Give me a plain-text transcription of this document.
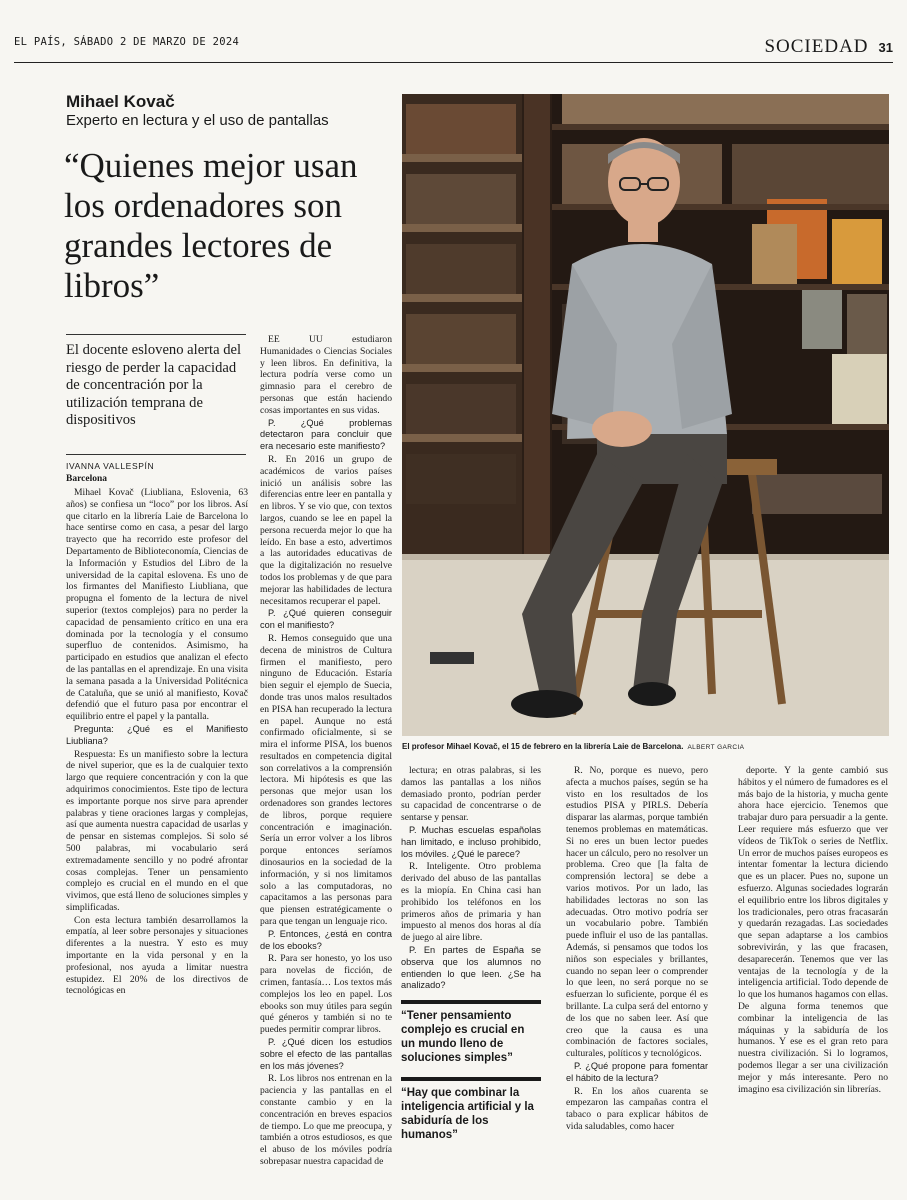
EL PAÍS, SÁBADO 2 DE MARZO DE 2024	SOCIEDAD 31
Mihael Kovač
Experto en lectura y el uso de pantallas
“Quienes mejor usan los ordenadores son grandes lectores de libros”
El docente esloveno alerta del riesgo de perder la capacidad de concentración por la utilización temprana de dispositivos
IVANNA VALLESPÍN
Barcelona

Mihael Kovač (Liubliana, Eslovenia, 63 años) se confiesa un “loco” por los libros. Así que citarlo en la librería Laie de Barcelona lo hace sentirse como en casa, a pesar del largo trayecto que ha recorrido este profesor del Departamento de Biblioteconomía, Ciencias de la Información y Estudios del Libro de la universidad de la capital eslovena. Es uno de los firmantes del Manifiesto Liubliana, que propugna el fomento de la lectura de nivel superior (textos complejos) para no perder la capacidad de pensamiento crítico en una era dominada por la tecnología y el consumo superfluo de contenidos. Asimismo, ha participado en estudios que analizan el efecto de las pantallas en el aprendizaje. En una visita la semana pasada a la Universidad Politécnica de Cataluña, que se unió al manifiesto, Kovač defendió que el futuro pasa por encontrar el equilibrio entre el papel y la pantalla.

Pregunta: ¿Qué es el Manifiesto Liubliana?

Respuesta: Es un manifiesto sobre la lectura de nivel superior, que es la de cualquier texto largo que requiere concentración y con la que adquirimos conocimientos. Este tipo de lectura es importante porque nos sirve para aprender palabras y tiene oraciones largas y complejas, así que aumenta nuestra capacidad de usarlas y de pensar en sistemas complejos. Si solo sé 500 palabras, mi vocabulario será extremadamente sencillo y no podré afrontar cosas complejas. Tener un pensamiento complejo es crucial en el mundo en el que vivimos, que está lleno de soluciones simples y simplificadas.

Con esta lectura también desarrollamos la empatía, al leer sobre personajes y situaciones diferentes a la nuestra. Y esto es muy importante en la vida personal y en la profesional, nos ayuda a limitar nuestra estupidez. El 20% de los directivos de tecnológicas en

EE UU estudiaron Humanidades o Ciencias Sociales y leen libros. En definitiva, la lectura podría verse como un gimnasio para el cerebro de personas que están haciendo cosas importantes en sus vidas.

P. ¿Qué problemas detectaron para concluir que era necesario este manifiesto?

R. En 2016 un grupo de académicos de varios países inició un análisis sobre las diferencias entre leer en pantalla y en libros. Y se vio que, con textos largos, cuando se lee en papel la persona recuerda mejor lo que ha leído. En base a esto, advertimos a las autoridades educativas de que la digitalización no resuelve todos los problemas y de que para mejorar las habilidades de lectura necesitamos recuperar el papel.

P. ¿Qué quieren conseguir con el manifiesto?

R. Hemos conseguido que una decena de ministros de Cultura firmen el manifiesto, pero ninguno de Educación. Estaría bien seguir el ejemplo de Suecia, donde tras unos malos resultados en PISA han recuperado la lectura en papel. Aunque no está confirmado oficialmente, si se mira el informe PISA, los buenos resultados en competencia digital son correlativos a la comprensión lectora. Mi hipótesis es que las personas que mejor usan los ordenadores son grandes lectores de libros, porque requiere concentración e imaginación. Sería un error volver a los libros porque entonces seríamos dinosaurios en la sociedad de la información, y si nos limitamos solo a las computadoras, no capacitamos a las personas para que piensen estratégicamente o para que tengan un lenguaje rico.

P. Entonces, ¿está en contra de los ebooks?

R. Para ser honesto, yo los uso para novelas de ficción, de crimen, fantasía… Los textos más complejos los leo en papel. Los ebooks son muy útiles para según qué géneros y también si no te puedes permitir comprar libros.

P. ¿Qué dicen los estudios sobre el efecto de las pantallas en los más jóvenes?

R. Los libros nos entrenan en la paciencia y las pantallas en el constante cambio y en la concentración en breves espacios de tiempo. Lo que me preocupa, y también a otros estudiosos, es que el abuso de los móviles podría sobrepasar nuestra capacidad de

lectura; en otras palabras, si les damos las pantallas a los niños demasiado pronto, podrían perder su capacidad de concentrarse o de sentarse y pensar.

P. Muchas escuelas españolas han limitado, e incluso prohibido, los móviles. ¿Qué le parece?

R. Inteligente. Otro problema derivado del abuso de las pantallas es la miopía. En China casi han prohibido los teléfonos en los primeros años de primaria y han impuesto al menos dos horas al día de juego al aire libre.

P. En partes de España se observa que los alumnos no entienden lo que leen. ¿Se ha analizado?

R. No, porque es nuevo, pero afecta a muchos países, según se ha visto en los resultados de los estudios PISA y PIRLS. Debería disparar las alarmas, porque también tenemos problemas en matemáticas. Si no eres un buen lector puedes hacer un cálculo, pero no resolver un problema. Creo que [la falta de comprensión lectora] se debe a varios motivos. Por un lado, las habilidades lectoras no son las adecuadas. Otro motivo podría ser un vocabulario pobre. También puede influir el uso de las pantallas. Además, si pensamos que todos los niños son especiales y brillantes, cuando no sepan leer o comprender lo que leen, no será porque no se esfuerzan lo suficiente, porque él es brillante. La culpa será del entorno y de los que no saben leer. Así que creo que la causa es una combinación de factores sociales, culturales, políticos y tecnológicos.

P. ¿Qué propone para fomentar el hábito de la lectura?

R. En los años cuarenta se empezaron las campañas contra el tabaco o para explicar hábitos de vida saludables, como hacer

deporte. Y la gente cambió sus hábitos y el número de fumadores es el más bajo de la historia, y mucha gente ahora hace ejercicio. Tenemos que trabajar duro para persuadir a la gente. Leer requiere más esfuerzo que ver vídeos de TikTok o series de Netflix. Un error de muchos países europeos es intentar fomentar la lectura diciendo que es un placer. Pues no, supone un esfuerzo. Algunas sociedades lograrán el equilibrio entre los libros digitales y los tradicionales, pero otras fracasarán y quedarán rezagadas. Las sociedades que sepan adaptarse a los cambios sobrevivirán, y las que fracasen, desaparecerán. Tenemos que ver las ventajas de la tecnología y de la inteligencia artificial. Todo depende de lo que los humanos hagamos con ellas. De alguna forma tenemos que combinar la inteligencia de las máquinas y la sabiduría de los humanos. Y ese es el gran reto para nuestra civilización. Si lo logramos, podemos llegar a ser una civilización mejor y más interesante. Pero no imagino esa civilización sin librerías.

“Tener pensamiento complejo es crucial en un mundo lleno de soluciones simples”
“Hay que combinar la inteligencia artificial y la sabiduría de los humanos”
El profesor Mihael Kovač, el 15 de febrero en la librería Laie de Barcelona. ALBERT GARCIA
